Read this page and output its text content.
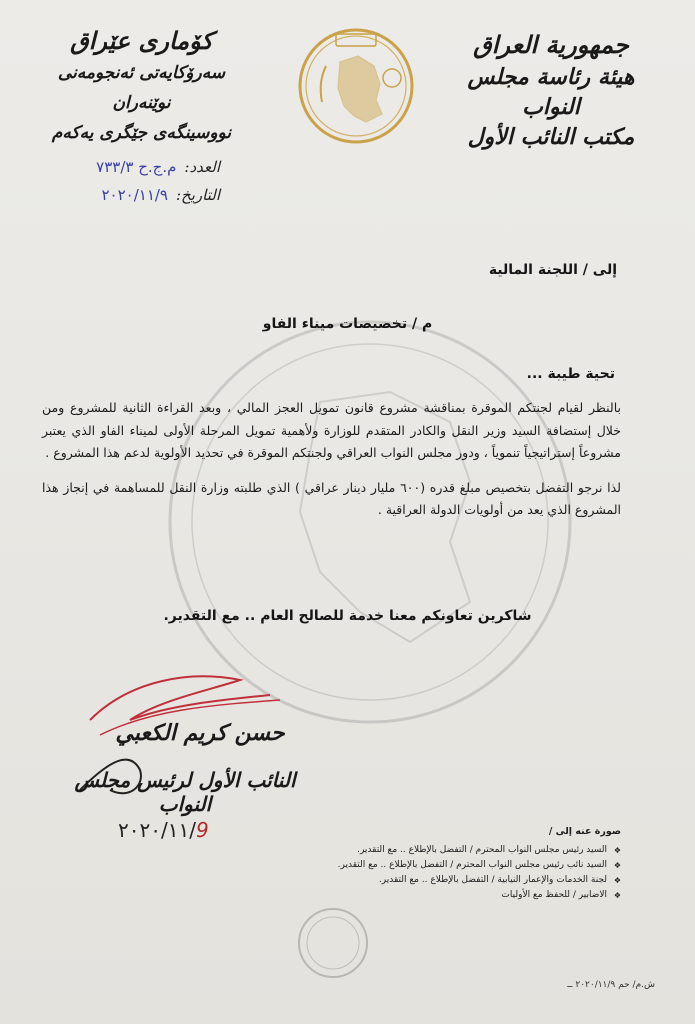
جمهورية العراق
هيئة رئاسة مجلس النواب
مكتب النائب الأول
كۆماری عێراق
سەرۆکایەتی ئەنجومەنی نوێنەران
نووسینگەی جێگری یەکەم
العدد:
م.ج.ح ٧٣٣/٣
التاريخ:
٢٠٢٠/١١/٩
إلى / اللجنة المالية
م / تخصيصات ميناء الفاو
تحية طيبة ...

بالنظر لقيام لجنتكم الموقرة بمناقشة مشروع قانون تمويل العجز المالي ، وبعد القراءة الثانية للمشروع ومن خلال إستضافة السيد وزير النقل والكادر المتقدم للوزارة ولأهمية تمويل المرحلة الأولى لميناء الفاو الذي يعتبر مشروعاً إستراتيجياً تنموياً ، ودور مجلس النواب العراقي ولجنتكم الموقرة في تحديد الأولوية لدعم هذا المشروع .

لذا نرجو التفضل بتخصيص مبلغ قدره (٦٠٠ مليار دينار عراقي ) الذي طلبته وزارة النقل للمساهمة في إنجاز هذا المشروع الذي يعد من أولويات الدولة العراقية .

شاكرين تعاونكم معنا خدمة للصالح العام .. مع التقدير.
حسن كريم الكعبي
النائب الأول لرئيس مجلس النواب
٢٠٢٠/١١/9	صورة عنه إلى /
❖ السيد رئيس مجلس النواب المحترم / التفضل بالإطلاع .. مع التقدير.
❖ السيد نائب رئيس مجلس النواب المحترم / التفضل بالإطلاع .. مع التقدير.
❖ لجنة الخدمات والإعمار النيابية / التفضل بالإطلاع .. مع التقدير.
❖ الاضابير / للحفظ مع الأوليات
ش.م/ حم ٢٠٢٠/١١/٩ ــ
